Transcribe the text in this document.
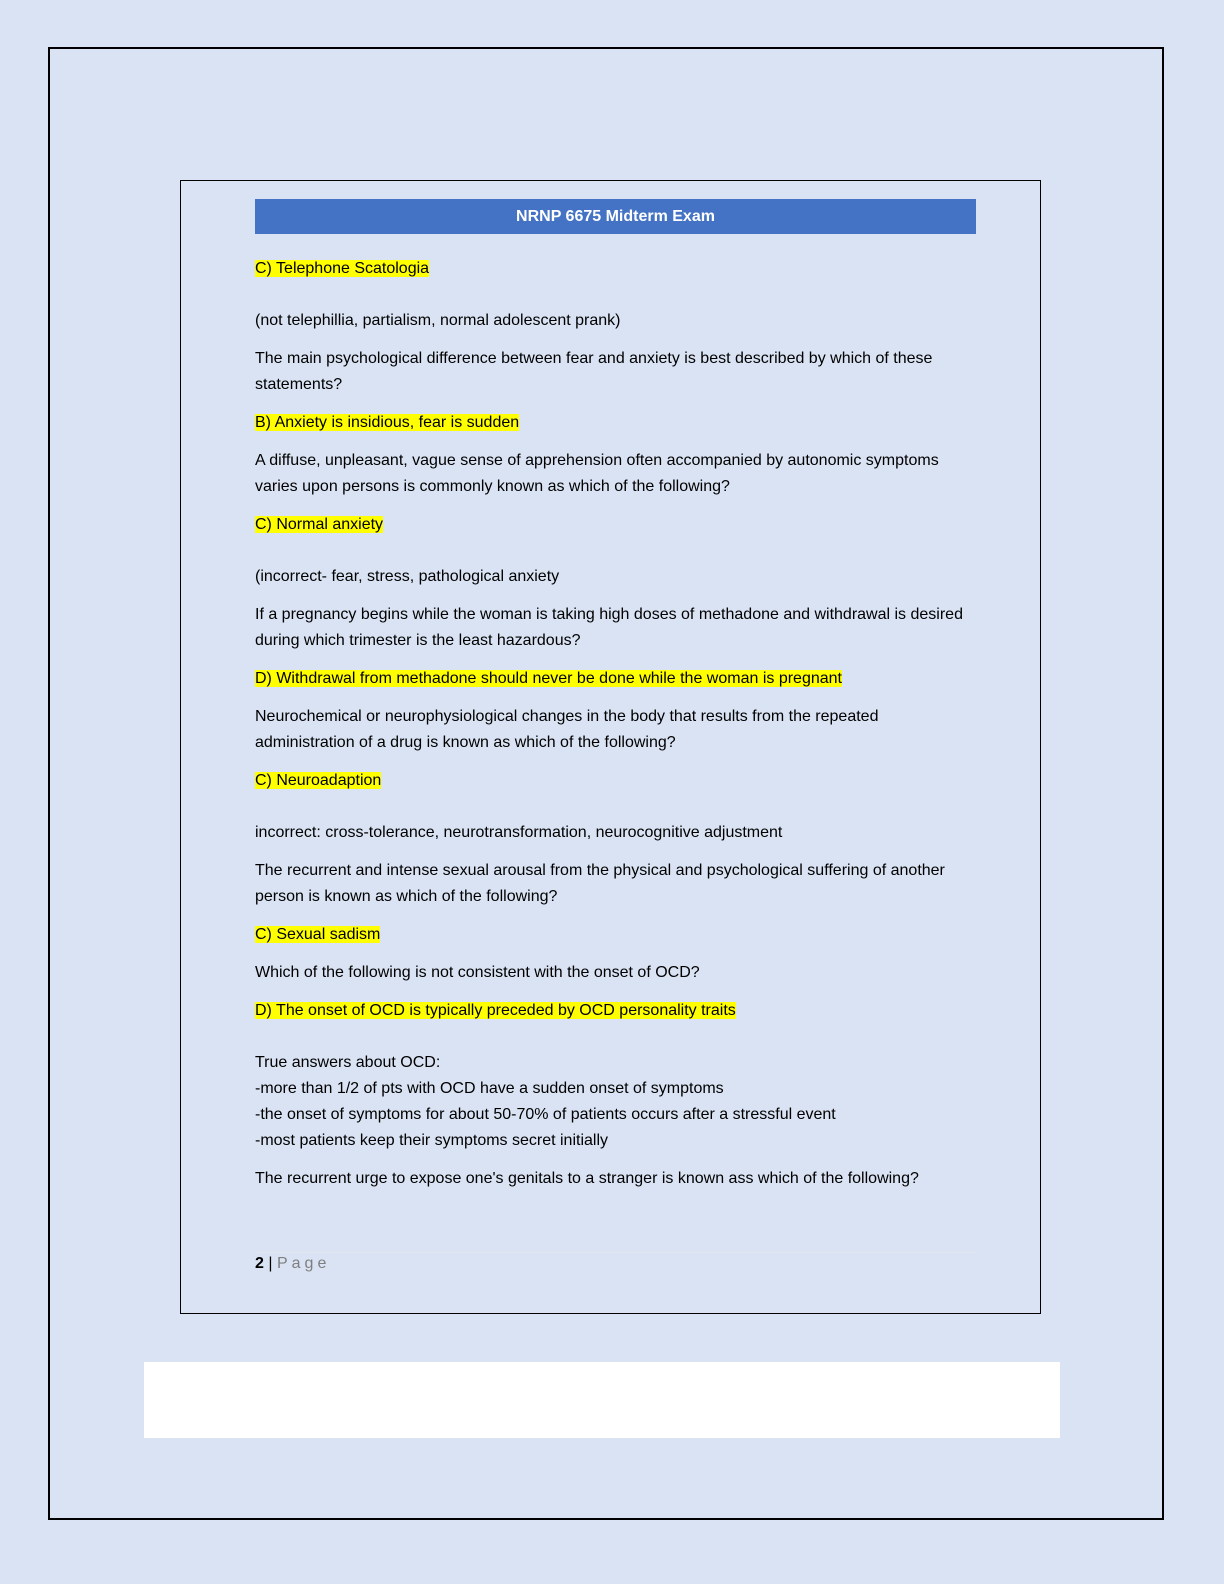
NRNP 6675 Midterm Exam

C) Telephone Scatologia

(not telephillia, partialism, normal adolescent prank)

The main psychological difference between fear and anxiety is best described by which of these statements?

B) Anxiety is insidious, fear is sudden

A diffuse, unpleasant, vague sense of apprehension often accompanied by autonomic symptoms varies upon persons is commonly known as which of the following?

C) Normal anxiety

(incorrect- fear, stress, pathological anxiety

If a pregnancy begins while the woman is taking high doses of methadone and withdrawal is desired during which trimester is the least hazardous?

D) Withdrawal from methadone should never be done while the woman is pregnant

Neurochemical or neurophysiological changes in the body that results from the repeated administration of a drug is known as which of the following?

C) Neuroadaption

incorrect: cross-tolerance, neurotransformation, neurocognitive adjustment

The recurrent and intense sexual arousal from the physical and psychological suffering of another person is known as which of the following?

C) Sexual sadism

Which of the following is not consistent with the onset of OCD?

D) The onset of OCD is typically preceded by OCD personality traits

True answers about OCD:

-more than 1/2 of pts with OCD have a sudden onset of symptoms

-the onset of symptoms for about 50-70% of patients occurs after a stressful event

-most patients keep their symptoms secret initially

The recurrent urge to expose one's genitals to a stranger is known ass which of the following?

2 | Page
